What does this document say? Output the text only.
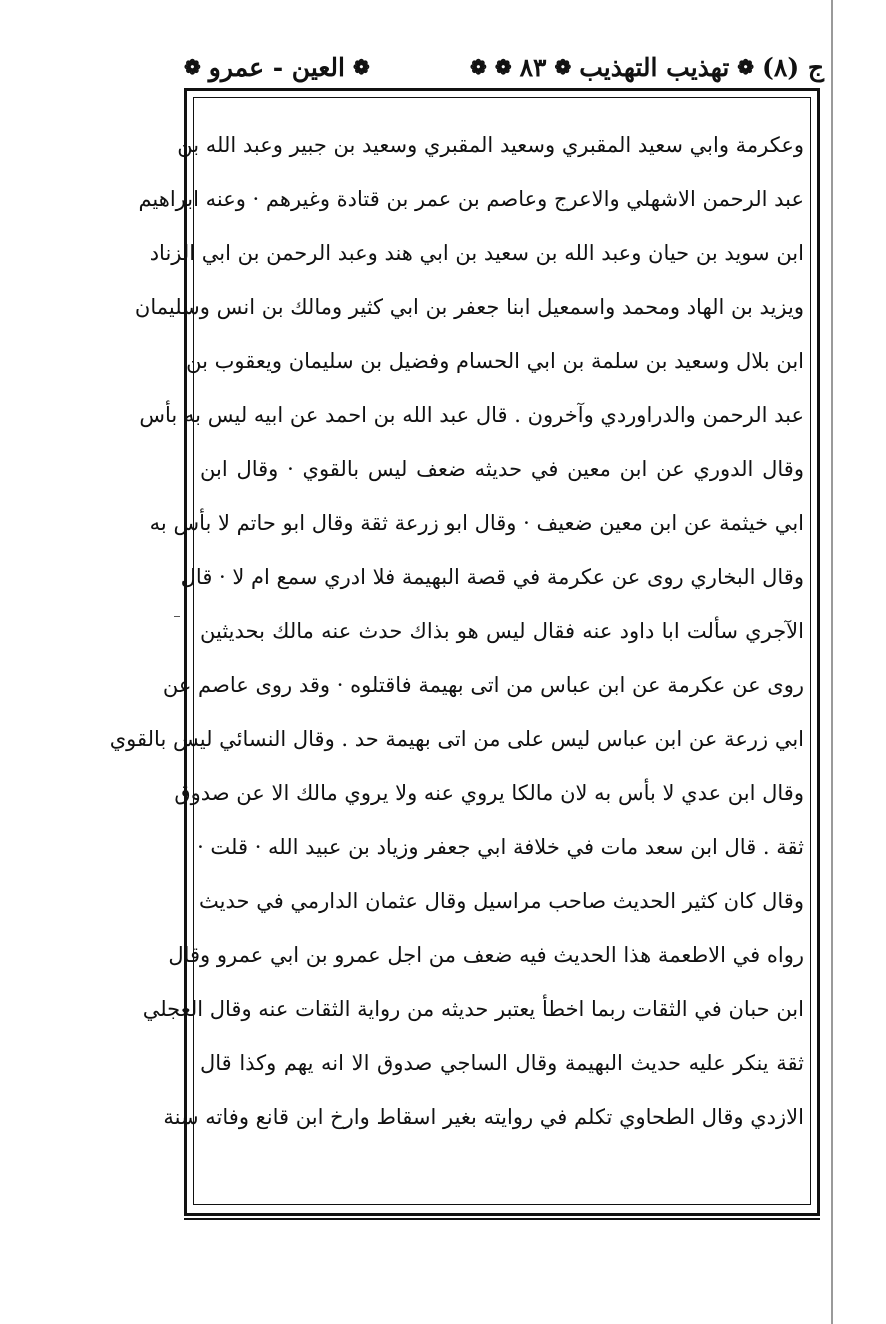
ج (٨)
❁
تهذيب التهذيب
❁
٨٣
❁
❁
❁
العين - عمرو
❁
وعكرمة وابي سعيد المقبري وسعيد المقبري وسعيد بن جبير وعبد الله بن
عبد الرحمن الاشهلي والاعرج وعاصم بن عمر بن قتادة وغيرهم · وعنه ابراهيم
ابن سويد بن حيان وعبد الله بن سعيد بن ابي هند وعبد الرحمن بن ابي الزناد
ويزيد بن الهاد ومحمد واسمعيل ابنا جعفر بن ابي كثير ومالك بن انس وسليمان
ابن بلال وسعيد بن سلمة بن ابي الحسام وفضيل بن سليمان ويعقوب بن
عبد الرحمن والدراوردي وآخرون . قال عبد الله بن احمد عن ابيه ليس به بأس
وقال الدوري عن ابن معين في حديثه ضعف ليس بالقوي · وقال ابن
ابي خيثمة عن ابن معين ضعيف · وقال ابو زرعة ثقة وقال ابو حاتم لا بأس به
وقال البخاري روى عن عكرمة في قصة البهيمة فلا ادري سمع ام لا · قال
الآجري سألت ابا داود عنه فقال ليس هو بذاك حدث عنه مالك بحديثين
روى عن عكرمة عن ابن عباس من اتى بهيمة فاقتلوه · وقد روى عاصم عن
ابي زرعة عن ابن عباس ليس على من اتى بهيمة حد . وقال النسائي ليس بالقوي
وقال ابن عدي لا بأس به لان مالكا يروي عنه ولا يروي مالك الا عن صدوق
ثقة . قال ابن سعد مات في خلافة ابي جعفر وزياد بن عبيد الله · قلت ·
وقال كان كثير الحديث صاحب مراسيل وقال عثمان الدارمي في حديث
رواه في الاطعمة هذا الحديث فيه ضعف من اجل عمرو بن ابي عمرو وقال
ابن حبان في الثقات ربما اخطأ يعتبر حديثه من رواية الثقات عنه وقال العجلي
ثقة ينكر عليه حديث البهيمة وقال الساجي صدوق الا انه يهم وكذا قال
الازدي وقال الطحاوي تكلم في روايته بغير اسقاط وارخ ابن قانع وفاته سنة
